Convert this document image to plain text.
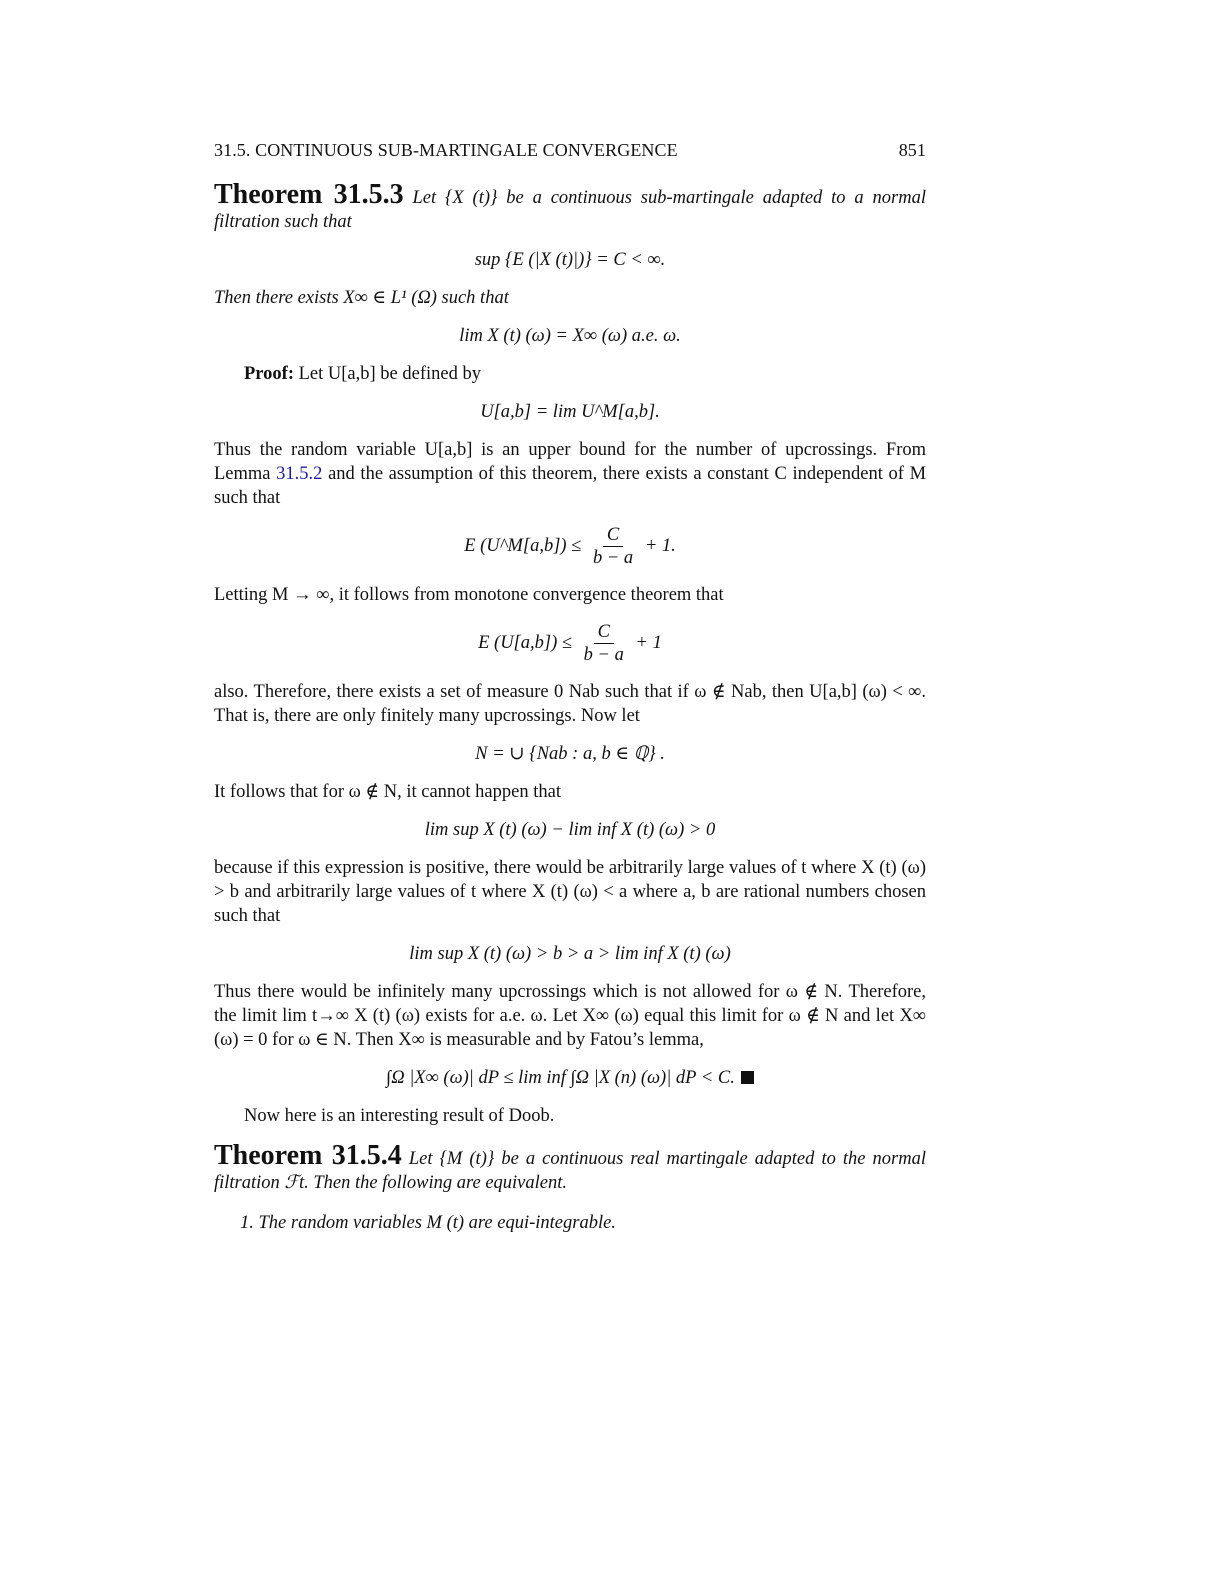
31.5. CONTINUOUS SUB-MARTINGALE CONVERGENCE	851

Theorem 31.5.3 Let {X (t)} be a continuous sub-martingale adapted to a normal filtration such that

sup {E (|X (t)|)} = C < ∞.

Then there exists X∞ ∈ L¹ (Ω) such that

lim X (t) (ω) = X∞ (ω) a.e. ω.

Proof: Let U[a,b] be defined by

U[a,b] = lim U^M[a,b].

Thus the random variable U[a,b] is an upper bound for the number of upcrossings. From Lemma 31.5.2 and the assumption of this theorem, there exists a constant C independent of M such that

E (U^M[a,b]) ≤ $\frac{C}{b - a} + 1$.

Letting M → ∞, it follows from monotone convergence theorem that

E $(U[a,b]) \le \frac{C}{b - a} + 1$

also. Therefore, there exists a set of measure 0 Nab such that if ω ∉ Nab, then U[a,b] (ω) < ∞. That is, there are only finitely many upcrossings. Now let

N = ∪ {Nab : a, b ∈ ℚ} .

It follows that for ω ∉ N, it cannot happen that

lim sup X (t) (ω) − lim inf X (t) (ω) > 0

because if this expression is positive, there would be arbitrarily large values of t where X (t) (ω) > b and arbitrarily large values of t where X (t) (ω) < a where a, b are rational numbers chosen such that

lim sup X (t) (ω) > b > a > lim inf X (t) (ω)

Thus there would be infinitely many upcrossings which is not allowed for ω ∉ N. Therefore, the limit lim t→∞ X (t) (ω) exists for a.e. ω. Let X∞ (ω) equal this limit for ω ∉ N and let X∞ (ω) = 0 for ω ∈ N. Then X∞ is measurable and by Fatou’s lemma,

∫Ω |X∞ (ω)| dP ≤ lim inf ∫Ω |X (n) (ω)| dP < C.

Now here is an interesting result of Doob.

Theorem 31.5.4 Let {M (t)} be a continuous real martingale adapted to the normal filtration ℱt. Then the following are equivalent.

1. The random variables M (t) are equi-integrable.
